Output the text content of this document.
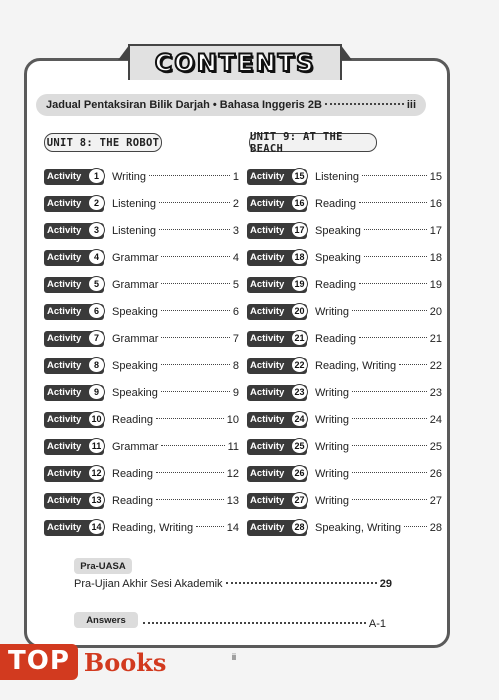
CONTENTS
Jadual Pentaksiran Bilik Darjah • Bahasa Inggeris 2B	iii
UNIT 8: THE ROBOT	UNIT 9: AT THE BEACH
Activity	1	Writing	1
Activity	2	Listening	2
Activity	3	Listening	3
Activity	4	Grammar	4
Activity	5	Grammar	5
Activity	6	Speaking	6
Activity	7	Grammar	7
Activity	8	Speaking	8
Activity	9	Speaking	9
Activity	10 Reading	10
Activity	11 Grammar	11
Activity	12 Reading	12
Activity	13 Reading	13
Activity	14 Reading, Writing	14
Activity	15 Listening	15
Activity	16 Reading	16
Activity	17 Speaking	17
Activity	18 Speaking	18
Activity	19 Reading	19
Activity	20 Writing	20
Activity	21 Reading	21
Activity	22 Reading, Writing	22
Activity	23 Writing	23
Activity	24 Writing	24
Activity	25 Writing	25
Activity	26 Writing	26
Activity	27 Writing	27
Activity	28 Speaking, Writing	28
Pra-UASA
Pra-Ujian Akhir Sesi Akademik	29
Answers	A-1
ii
TOP Books
